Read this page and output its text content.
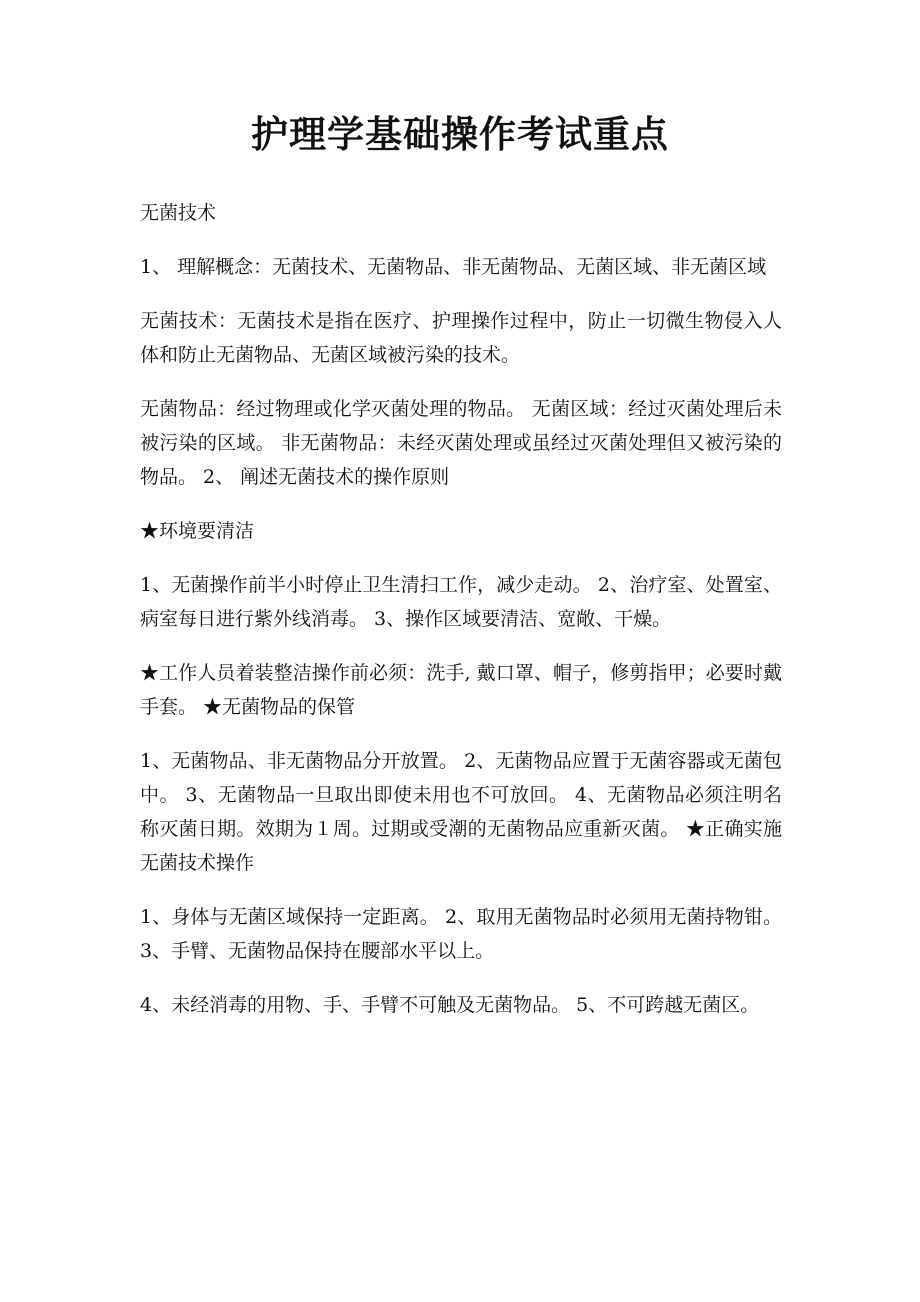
护理学基础操作考试重点

无菌技术

1、 理解概念：无菌技术、无菌物品、非无菌物品、无菌区域、非无菌区域

无菌技术：无菌技术是指在医疗、护理操作过程中，防止一切微生物侵入人体和防止无菌物品、无菌区域被污染的技术。

无菌物品：经过物理或化学灭菌处理的物品。 无菌区域：经过灭菌处理后未被污染的区域。 非无菌物品：未经灭菌处理或虽经过灭菌处理但又被污染的物品。 2、 阐述无菌技术的操作原则

★环境要清洁

1、无菌操作前半小时停止卫生清扫工作，减少走动。 2、治疗室、处置室、病室每日进行紫外线消毒。 3、操作区域要清洁、宽敞、干燥。

★工作人员着装整洁操作前必须：洗手, 戴口罩、帽子，修剪指甲；必要时戴手套。 ★无菌物品的保管

1、无菌物品、非无菌物品分开放置。 2、无菌物品应置于无菌容器或无菌包中。 3、无菌物品一旦取出即使未用也不可放回。 4、无菌物品必须注明名称灭菌日期。效期为１周。过期或受潮的无菌物品应重新灭菌。 ★正确实施无菌技术操作

1、身体与无菌区域保持一定距离。 2、取用无菌物品时必须用无菌持物钳。 3、手臂、无菌物品保持在腰部水平以上。

4、未经消毒的用物、手、手臂不可触及无菌物品。 5、不可跨越无菌区。
